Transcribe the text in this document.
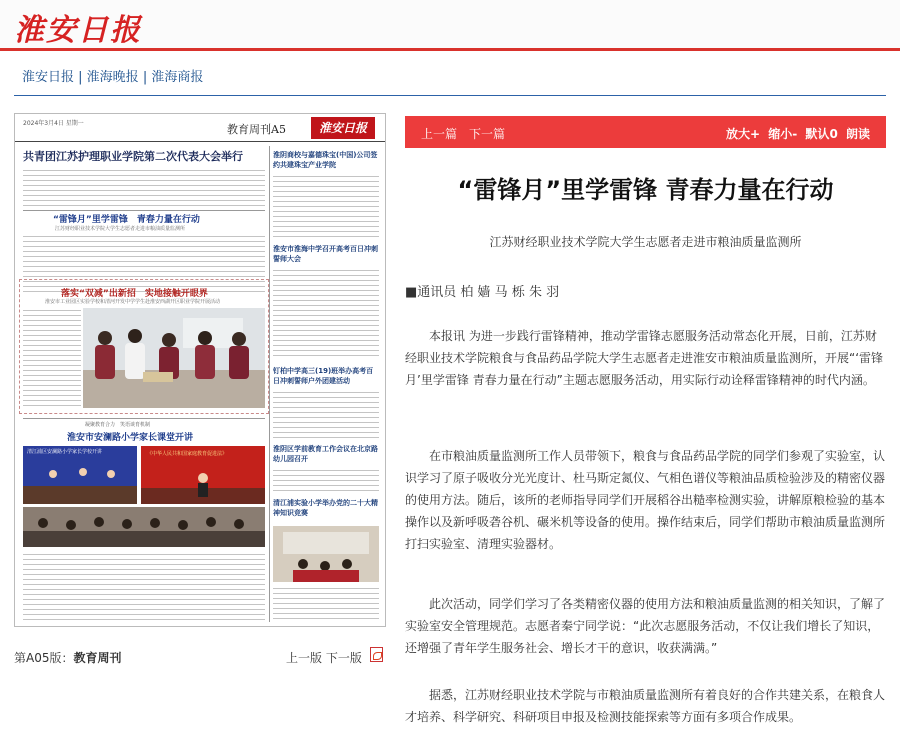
淮安日报
淮安日报 | 淮海晚报 | 淮海商报
2024年3月4日 星期一	教育周刊A5	淮安日报
共青团江苏护理职业学院第二次代表大会举行
“雷锋月”里学雷锋　青春力量在行动
江苏财经职业技术学院大学生志愿者走进市粮油质量监测所
落实“双减”出新招　实地接触开眼界
淮安市工业园区实验学校和清河开发中学学生赴淮安西湖开区职业学院开展活动
凝聚教育合力　笑语谈育机制
淮安市安澜路小学家长课堂开讲
清江浦区安澜路小学家长学校开讲	《中华人民共和国家庭教育促进法》
淮阴商校与嘉德珠宝(中国)公司签约共建珠宝产业学院
淮安市淮海中学召开高考百日冲刺誓师大会
钉柏中学高三(19)班举办高考百日冲刺誓师户外团建活动
淮阴区学前教育工作会议在北京路幼儿园召开
清江浦实验小学举办党的二十大精神知识竞赛
第A05版：教育周刊	上一版 下一版
上一篇 下一篇	放大+ 缩小- 默认0 朗读
“雷锋月”里学雷锋 青春力量在行动
江苏财经职业技术学院大学生志愿者走进市粮油质量监测所
■通讯员 柏 嫱 马 栎 朱 羽

本报讯 为进一步践行雷锋精神，推动学雷锋志愿服务活动常态化开展，日前，江苏财经职业技术学院粮食与食品药品学院大学生志愿者走进淮安市粮油质量监测所，开展“‘雷锋月’里学雷锋 青春力量在行动”主题志愿服务活动，用实际行动诠释雷锋精神的时代内涵。

在市粮油质量监测所工作人员带领下，粮食与食品药品学院的同学们参观了实验室，认识学习了原子吸收分光光度计、杜马斯定氮仪、气相色谱仪等粮油品质检验涉及的精密仪器的使用方法。随后，该所的老师指导同学们开展稻谷出糙率检测实验，讲解原粮检验的基本操作以及新呼吸砻谷机、碾米机等设备的使用。操作结束后，同学们帮助市粮油质量监测所打扫实验室、清理实验器材。

此次活动，同学们学习了各类精密仪器的使用方法和粮油质量监测的相关知识，了解了实验室安全管理规范。志愿者秦宁同学说：“此次志愿服务活动，不仅让我们增长了知识，还增强了青年学生服务社会、增长才干的意识，收获满满。”

据悉，江苏财经职业技术学院与市粮油质量监测所有着良好的合作共建关系，在粮食人才培养、科学研究、科研项目申报及检测技能探索等方面有多项合作成果。
